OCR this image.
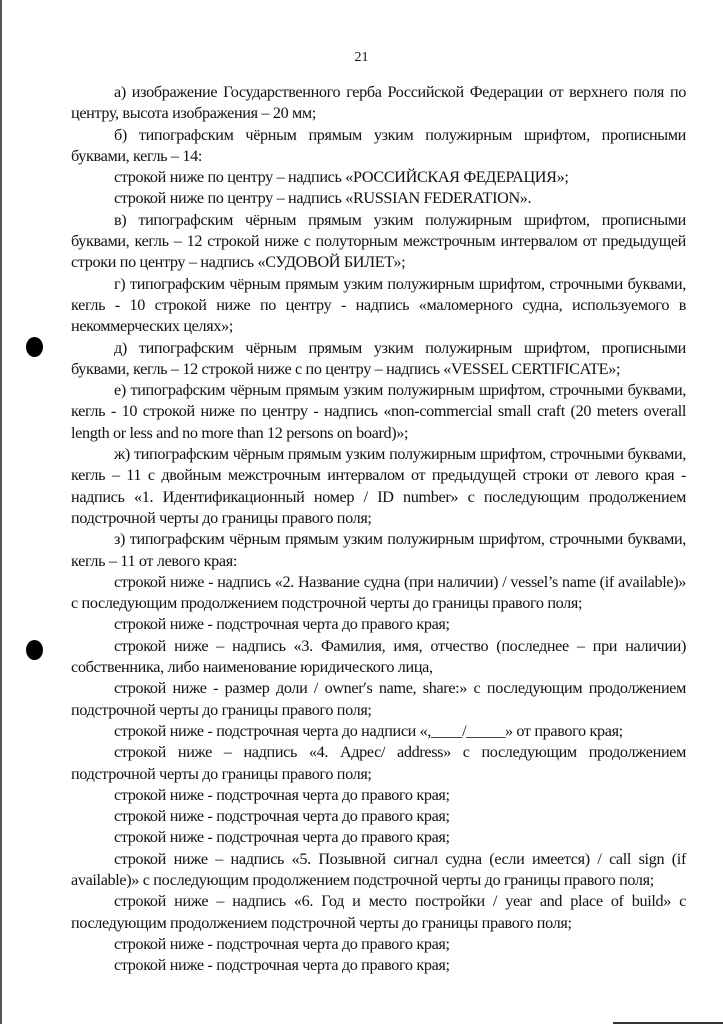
21

а) изображение Государственного герба Российской Федерации от верхнего поля по центру, высота изображения – 20 мм;

б) типографским чёрным прямым узким полужирным шрифтом, прописными буквами, кегль – 14:

строкой ниже по центру – надпись «РОССИЙСКАЯ ФЕДЕРАЦИЯ»;

строкой ниже по центру – надпись «RUSSIAN FEDERATION».

в) типографским чёрным прямым узким полужирным шрифтом, прописными буквами, кегль – 12 строкой ниже с полуторным межстрочным интервалом от предыдущей строки по центру – надпись «СУДОВОЙ БИЛЕТ»;

г) типографским чёрным прямым узким полужирным шрифтом, строчными буквами, кегль - 10 строкой ниже по центру - надпись «маломерного судна, используемого в некоммерческих целях»;

д) типографским чёрным прямым узким полужирным шрифтом, прописными буквами, кегль – 12 строкой ниже с по центру – надпись «VESSEL CERTIFICATE»;

е) типографским чёрным прямым узким полужирным шрифтом, строчными буквами, кегль - 10 строкой ниже по центру - надпись «non-commercial small craft (20 meters overall length or less and no more than 12 persons on board)»;

ж) типографским чёрным прямым узким полужирным шрифтом, строчными буквами, кегль – 11 с двойным межстрочным интервалом от предыдущей строки от левого края - надпись «1. Идентификационный номер / ID number» с последующим продолжением подстрочной черты до границы правого поля;

з) типографским чёрным прямым узким полужирным шрифтом, строчными буквами, кегль – 11 от левого края:

строкой ниже - надпись «2. Название судна (при наличии) / vessel’s name (if available)» с последующим продолжением подстрочной черты до границы правого поля;

строкой ниже - подстрочная черта до правого края;

строкой ниже – надпись «3. Фамилия, имя, отчество (последнее – при наличии) собственника, либо наименование юридического лица,

строкой ниже - размер доли / owner′s name, share:» с последующим продолжением подстрочной черты до границы правого поля;

строкой ниже - подстрочная черта до надписи «,____/_____» от правого края;

строкой ниже – надпись «4. Адрес/ address» с последующим продолжением подстрочной черты до границы правого поля;

строкой ниже - подстрочная черта до правого края;

строкой ниже - подстрочная черта до правого края;

строкой ниже - подстрочная черта до правого края;

строкой ниже – надпись «5. Позывной сигнал судна (если имеется) / call sign (if available)» с последующим продолжением подстрочной черты до границы правого поля;

строкой ниже – надпись «6. Год и место постройки / year and place of build» с последующим продолжением подстрочной черты до границы правого поля;

строкой ниже - подстрочная черта до правого края;

строкой ниже - подстрочная черта до правого края;
